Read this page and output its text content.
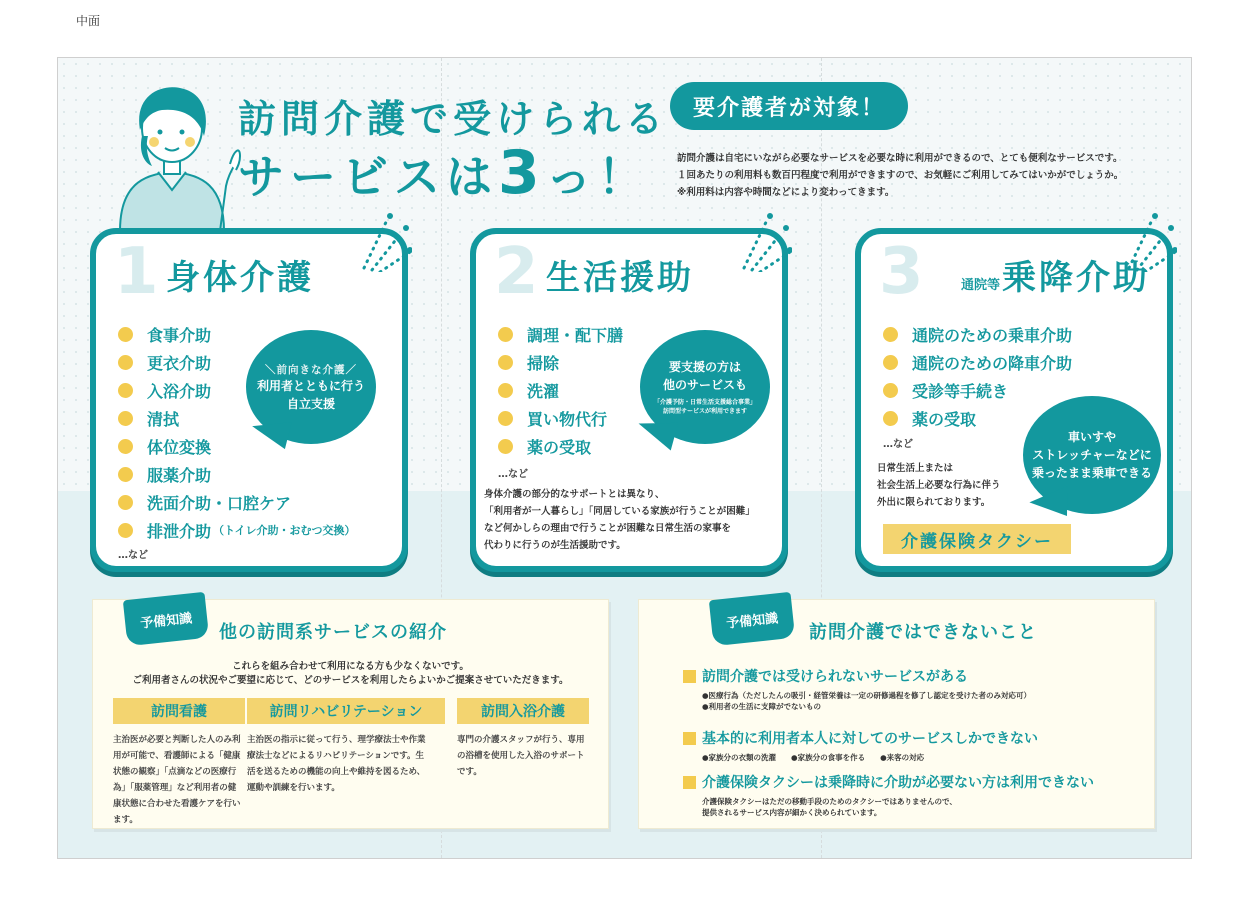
中面
訪問介護で受けられる
サービスは3っ！
要介護者が対象！
訪問介護は自宅にいながら必要なサービスを必要な時に利用ができるので、とても便利なサービスです。
１回あたりの利用料も数百円程度で利用ができますので、お気軽にご利用してみてはいかがでしょうか。
※利用料は内容や時間などにより変わってきます。
1 身体介護
食事介助
更衣介助
入浴介助
清拭
体位変換
服薬介助
洗面介助・口腔ケア
排泄介助 （トイレ介助・おむつ交換）
…など
＼前向きな介護／
利用者とともに行う
自立支援
2 生活援助
調理・配下膳
掃除
洗濯
買い物代行
薬の受取
…など
要支援の方は
他のサービスも
「介護予防・日常生活支援総合事業」
訪問型サービスが利用できます
身体介護の部分的なサポートとは異なり、
「利用者が一人暮らし」「同居している家族が行うことが困難」
など何かしらの理由で行うことが困難な日常生活の家事を
代わりに行うのが生活援助です。
3	通院等乗降介助
通院のための乗車介助
通院のための降車介助
受診等手続き
薬の受取
…など
車いすや
ストレッチャーなどに
乗ったまま乗車できる
日常生活上または
社会生活上必要な行為に伴う
外出に限られております。
介護保険タクシー
予備知識
他の訪問系サービスの紹介
これらを組み合わせて利用になる方も少なくないです。
ご利用者さんの状況やご要望に応じて、どのサービスを利用したらよいかご提案させていただきます。
訪問看護
主治医が必要と判断した人のみ利
用が可能で、看護師による「健康
状態の観察」「点滴などの医療行
為」「服薬管理」など利用者の健
康状態に合わせた看護ケアを行い
ます。
訪問リハビリテーション
主治医の指示に従って行う、理学療法士や作業
療法士などによるリハビリテーションです。生
活を送るための機能の向上や維持を図るため、
運動や訓練を行います。
訪問入浴介護
専門の介護スタッフが行う、専用
の浴槽を使用した入浴のサポート
です。
予備知識
訪問介護ではできないこと
訪問介護では受けられないサービスがある
●医療行為（ただしたんの吸引・経管栄養は一定の研修過程を修了し認定を受けた者のみ対応可）
●利用者の生活に支障がでないもの
基本的に利用者本人に対してのサービスしかできない
●家族分の衣類の洗濯　　●家族分の食事を作る　　●来客の対応
介護保険タクシーは乗降時に介助が必要ない方は利用できない
介護保険タクシーはただの移動手段のためのタクシーではありませんので、
提供されるサービス内容が細かく決められています。
